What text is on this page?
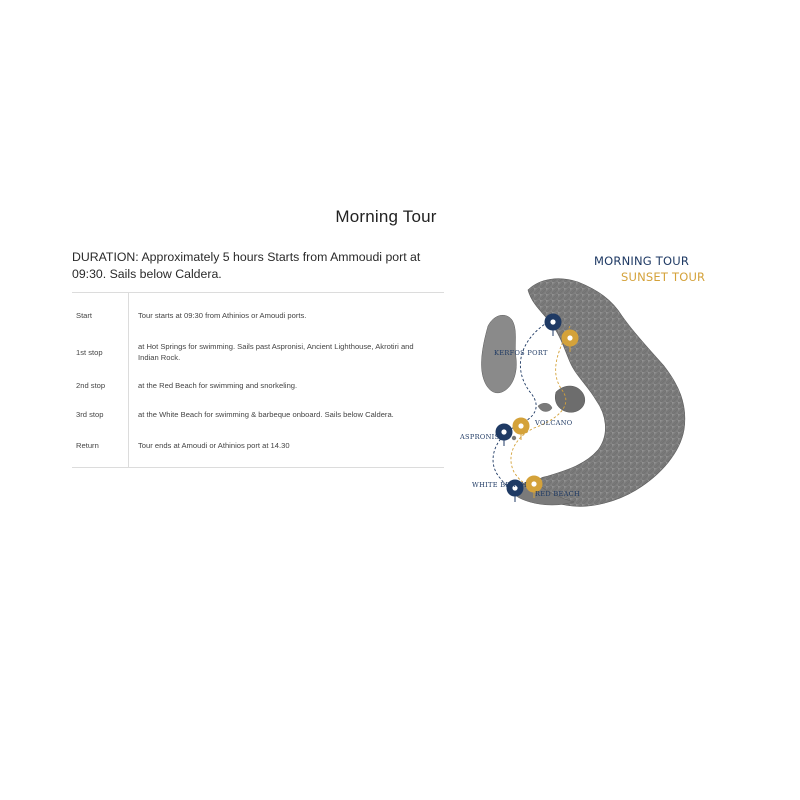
Morning Tour
DURATION: Approximately 5 hours Starts from Ammoudi port at 09:30. Sails below Caldera.
Start	Tour starts at 09:30 from Athinios or Amoudi ports.
1st stop	at Hot Springs for swimming. Sails past Aspronisi, Ancient Lighthouse, Akrotiri and Indian Rock.
2nd stop	at the Red Beach for swimming and snorkeling.
3rd stop	at the White Beach for swimming & barbeque onboard. Sails below Caldera.
Return	Tour ends at Amoudi or Athinios port at 14.30
MORNING TOUR
SUNSET TOUR
KERFOS PORT
VOLCANO
ASPRONISI
WHITE BEACH
RED BEACH
